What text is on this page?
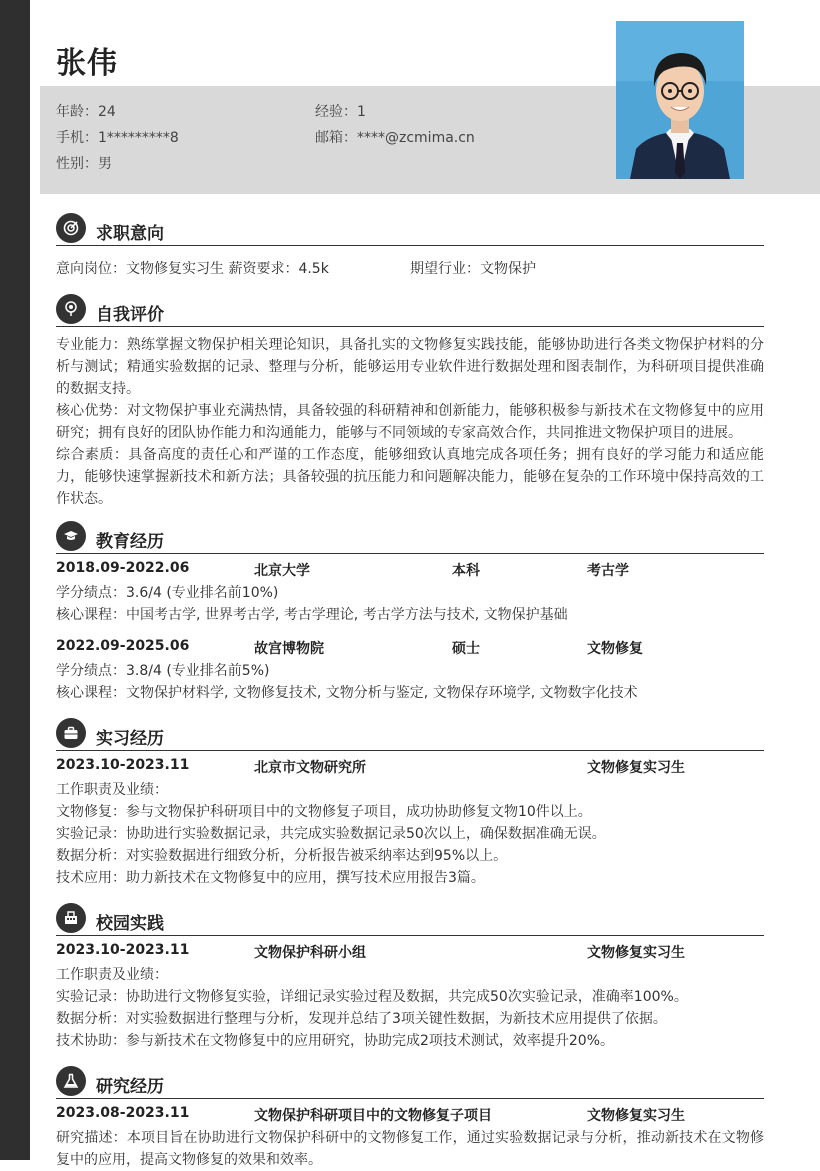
张伟
年龄：24	经验：1
手机：1*********8	邮箱：****@zcmima.cn
性别：男
求职意向
意向岗位：文物修复实习生 薪资要求：4.5k	期望行业：文物保护
自我评价
专业能力：熟练掌握文物保护相关理论知识，具备扎实的文物修复实践技能，能够协助进行各类文物保护材料的分析与测试；精通实验数据的记录、整理与分析，能够运用专业软件进行数据处理和图表制作，为科研项目提供准确的数据支持。
核心优势：对文物保护事业充满热情，具备较强的科研精神和创新能力，能够积极参与新技术在文物修复中的应用研究；拥有良好的团队协作能力和沟通能力，能够与不同领域的专家高效合作，共同推进文物保护项目的进展。
综合素质：具备高度的责任心和严谨的工作态度，能够细致认真地完成各项任务；拥有良好的学习能力和适应能力，能够快速掌握新技术和新方法；具备较强的抗压能力和问题解决能力，能够在复杂的工作环境中保持高效的工作状态。
教育经历
2018.09-2022.06	北京大学	本科	考古学
学分绩点：3.6/4 (专业排名前10%)
核心课程：中国考古学, 世界考古学, 考古学理论, 考古学方法与技术, 文物保护基础
2022.09-2025.06	故宫博物院	硕士	文物修复
学分绩点：3.8/4 (专业排名前5%)
核心课程：文物保护材料学, 文物修复技术, 文物分析与鉴定, 文物保存环境学, 文物数字化技术
实习经历
2023.10-2023.11	北京市文物研究所	文物修复实习生
工作职责及业绩：
文物修复：参与文物保护科研项目中的文物修复子项目，成功协助修复文物10件以上。
实验记录：协助进行实验数据记录，共完成实验数据记录50次以上，确保数据准确无误。
数据分析：对实验数据进行细致分析，分析报告被采纳率达到95%以上。
技术应用：助力新技术在文物修复中的应用，撰写技术应用报告3篇。
校园实践
2023.10-2023.11	文物保护科研小组	文物修复实习生
工作职责及业绩：
实验记录：协助进行文物修复实验，详细记录实验过程及数据，共完成50次实验记录，准确率100%。
数据分析：对实验数据进行整理与分析，发现并总结了3项关键性数据，为新技术应用提供了依据。
技术协助：参与新技术在文物修复中的应用研究，协助完成2项技术测试，效率提升20%。
研究经历
2023.08-2023.11	文物保护科研项目中的文物修复子项目	文物修复实习生
研究描述：本项目旨在协助进行文物保护科研中的文物修复工作，通过实验数据记录与分析，推动新技术在文物修复中的应用，提高文物修复的效果和效率。
